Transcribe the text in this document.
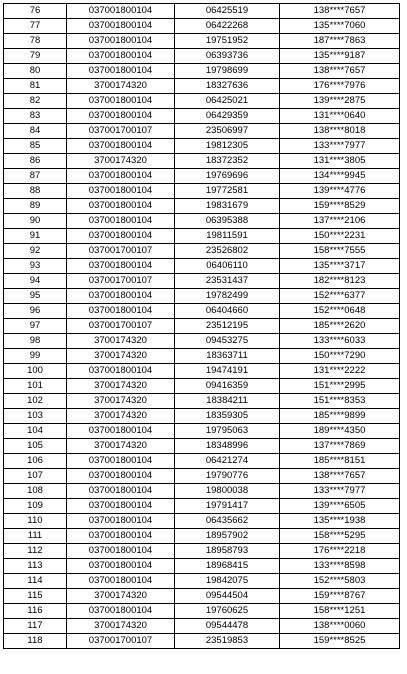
76	037001800104	06425519	138****7657
77	037001800104	06422268	135****7060
78	037001800104	19751952	187****7863
79	037001800104	06393736	135****9187
80	037001800104	19798699	138****7657
81	3700174320	18327636	176****7976
82	037001800104	06425021	139****2875
83	037001800104	06429359	131****0640
84	037001700107	23506997	138****8018
85	037001800104	19812305	133****7977
86	3700174320	18372352	131****3805
87	037001800104	19769696	134****9945
88	037001800104	19772581	139****4776
89	037001800104	19831679	159****8529
90	037001800104	06395388	137****2106
91	037001800104	19811591	150****2231
92	037001700107	23526802	158****7555
93	037001800104	06406110	135****3717
94	037001700107	23531437	182****8123
95	037001800104	19782499	152****6377
96	037001800104	06404660	152****0648
97	037001700107	23512195	185****2620
98	3700174320	09453275	133****6033
99	3700174320	18363711	150****7290
100	037001800104	19474191	131****2222
101	3700174320	09416359	151****2995
102	3700174320	18384211	151****8353
103	3700174320	18359305	185****9899
104	037001800104	19795063	189****4350
105	3700174320	18348996	137****7869
106	037001800104	06421274	185****8151
107	037001800104	19790776	138****7657
108	037001800104	19800038	133****7977
109	037001800104	19791417	139****6505
110	037001800104	06435662	135****1938
111	037001800104	18957902	158****5295
112	037001800104	18958793	176****2218
113	037001800104	18968415	133****8598
114	037001800104	19842075	152****5803
115	3700174320	09544504	159****8767
116	037001800104	19760625	158****1251
117	3700174320	09544478	138****0060
118	037001700107	23519853	159****8525
